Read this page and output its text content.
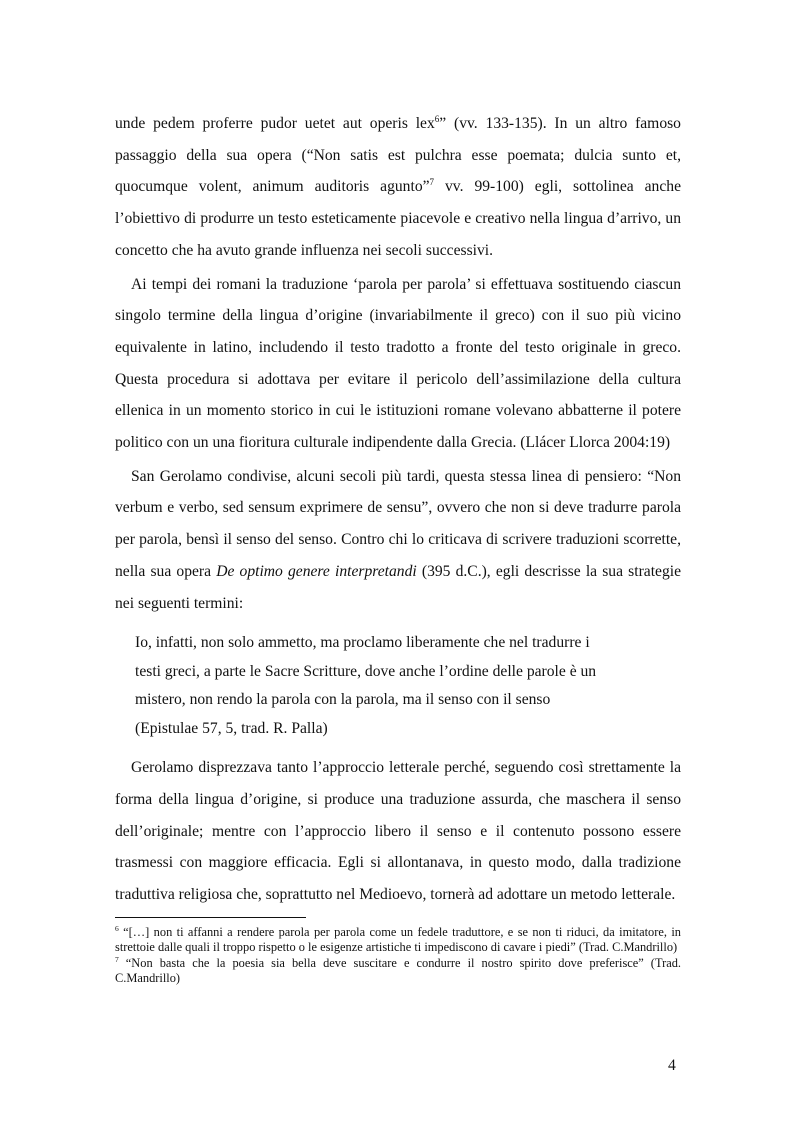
unde pedem proferre pudor uetet aut operis lex$^6$” (vv. 133-135). In un altro famoso passaggio della sua opera (“Non satis est pulchra esse poemata; dulcia sunto et, quocumque volent, animum auditoris agunto”$^7$ vv. 99-100) egli, sottolinea anche l’obiettivo di produrre un testo esteticamente piacevole e creativo nella lingua d’arrivo, un concetto che ha avuto grande influenza nei secoli successivi.

Ai tempi dei romani la traduzione ‘parola per parola’ si effettuava sostituendo ciascun singolo termine della lingua d’origine (invariabilmente il greco) con il suo più vicino equivalente in latino, includendo il testo tradotto a fronte del testo originale in greco. Questa procedura si adottava per evitare il pericolo dell’assimilazione della cultura ellenica in un momento storico in cui le istituzioni romane volevano abbatterne il potere politico con un una fioritura culturale indipendente dalla Grecia. (Llácer Llorca 2004:19)

San Gerolamo condivise, alcuni secoli più tardi, questa stessa linea di pensiero: “Non verbum e verbo, sed sensum exprimere de sensu”, ovvero che non si deve tradurre parola per parola, bensì il senso del senso. Contro chi lo criticava di scrivere traduzioni scorrette, nella sua opera De optimo genere interpretandi (395 d.C.), egli descrisse la sua strategie nei seguenti termini:

Io, infatti, non solo ammetto, ma proclamo liberamente che nel tradurre i testi greci, a parte le Sacre Scritture, dove anche l’ordine delle parole è un mistero, non rendo la parola con la parola, ma il senso con il senso (Epistulae 57, 5, trad. R. Palla)

Gerolamo disprezzava tanto l’approccio letterale perché, seguendo così strettamente la forma della lingua d’origine, si produce una traduzione assurda, che maschera il senso dell’originale; mentre con l’approccio libero il senso e il contenuto possono essere trasmessi con maggiore efficacia. Egli si allontanava, in questo modo, dalla tradizione traduttiva religiosa che, soprattutto nel Medioevo, tornerà ad adottare un metodo letterale.

$^6$ “[…] non ti affanni a rendere parola per parola come un fedele traduttore, e se non ti riduci, da imitatore, in strettoie dalle quali il troppo rispetto o le esigenze artistiche ti impediscono di cavare i piedi” (Trad. C.Mandrillo)

$^7$ “Non basta che la poesia sia bella deve suscitare e condurre il nostro spirito dove preferisce” (Trad. C.Mandrillo)

4
